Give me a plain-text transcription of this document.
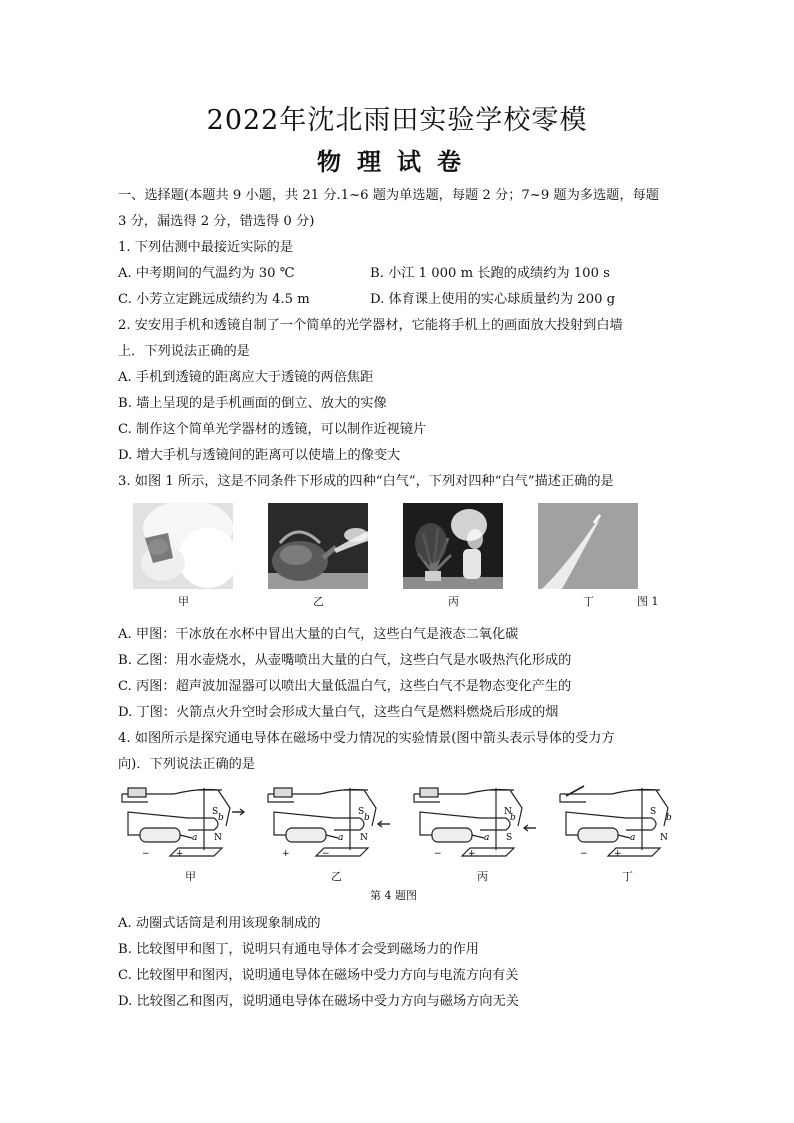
2022年沈北雨田实验学校零模
物理试卷
一、选择题(本题共 9 小题，共 21 分.1~6 题为单选题，每题 2 分；7~9 题为多选题，每题
3 分，漏选得 2 分，错选得 0 分)
1. 下列估测中最接近实际的是
A. 中考期间的气温约为 30 ℃	B. 小江 1 000 m 长跑的成绩约为 100 s
C. 小芳立定跳远成绩约为 4.5 m	D. 体育课上使用的实心球质量约为 200 g
2. 安安用手机和透镜自制了一个简单的光学器材，它能将手机上的画面放大投射到白墙
上．下列说法正确的是
A. 手机到透镜的距离应大于透镜的两倍焦距
B. 墙上呈现的是手机画面的倒立、放大的实像
C. 制作这个简单光学器材的透镜，可以制作近视镜片
D. 增大手机与透镜间的距离可以使墙上的像变大
3. 如图 1 所示，这是不同条件下形成的四种“白气”，下列对四种“白气”描述正确的是
甲	乙	丙	丁	图 1
A. 甲图：干冰放在水杯中冒出大量的白气，这些白气是液态二氧化碳
B. 乙图：用水壶烧水，从壶嘴喷出大量的白气，这些白气是水吸热汽化形成的
C. 丙图：超声波加湿器可以喷出大量低温白气，这些白气不是物态变化产生的
D. 丁图：火箭点火升空时会形成大量白气，这些白气是燃料燃烧后形成的烟
4. 如图所示是探究通电导体在磁场中受力情况的实验情景(图中箭头表示导体的受力方
向)．下列说法正确的是
b
S
N
a
−	+
甲
b
S
N
a
+	−
乙
b
N
S
a
−	+
丙
b
S
N
a
−	+
丁
第 4 题图
A. 动圈式话筒是利用该现象制成的
B. 比较图甲和图丁，说明只有通电导体才会受到磁场力的作用
C. 比较图甲和图丙，说明通电导体在磁场中受力方向与电流方向有关
D. 比较图乙和图丙，说明通电导体在磁场中受力方向与磁场方向无关
